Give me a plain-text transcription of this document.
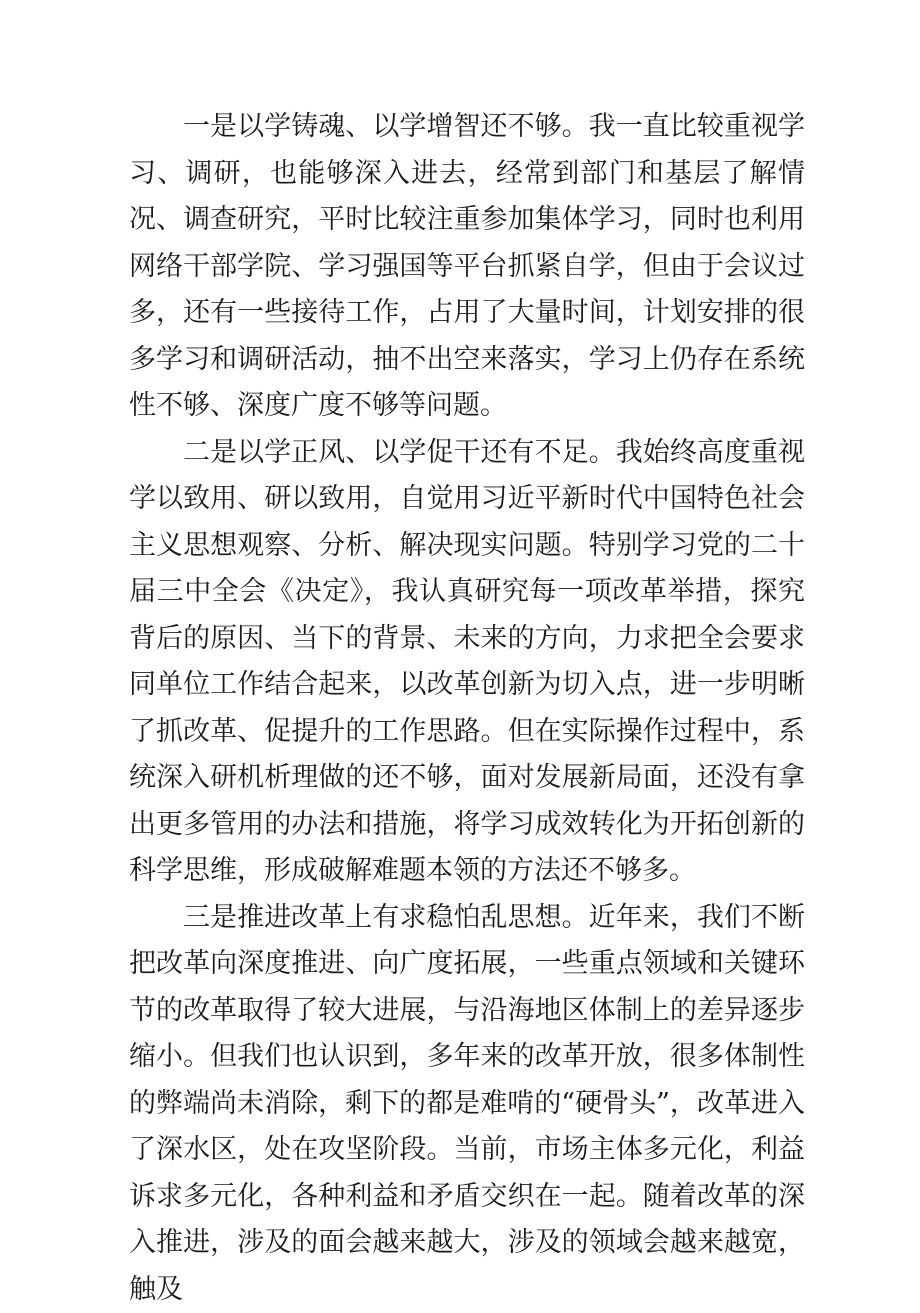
一是以学铸魂、以学增智还不够。我一直比较重视学习、调研，也能够深入进去，经常到部门和基层了解情况、调查研究，平时比较注重参加集体学习，同时也利用网络干部学院、学习强国等平台抓紧自学，但由于会议过多，还有一些接待工作，占用了大量时间，计划安排的很多学习和调研活动，抽不出空来落实，学习上仍存在系统性不够、深度广度不够等问题。

二是以学正风、以学促干还有不足。我始终高度重视学以致用、研以致用，自觉用习近平新时代中国特色社会主义思想观察、分析、解决现实问题。特别学习党的二十届三中全会《决定》，我认真研究每一项改革举措，探究背后的原因、当下的背景、未来的方向，力求把全会要求同单位工作结合起来，以改革创新为切入点，进一步明晰了抓改革、促提升的工作思路。但在实际操作过程中，系统深入研机析理做的还不够，面对发展新局面，还没有拿出更多管用的办法和措施，将学习成效转化为开拓创新的科学思维，形成破解难题本领的方法还不够多。

三是推进改革上有求稳怕乱思想。近年来，我们不断把改革向深度推进、向广度拓展，一些重点领域和关键环节的改革取得了较大进展，与沿海地区体制上的差异逐步缩小。但我们也认识到，多年来的改革开放，很多体制性的弊端尚未消除，剩下的都是难啃的“硬骨头”，改革进入了深水区，处在攻坚阶段。当前，市场主体多元化，利益诉求多元化，各种利益和矛盾交织在一起。随着改革的深入推进，涉及的面会越来越大，涉及的领域会越来越宽，触及
